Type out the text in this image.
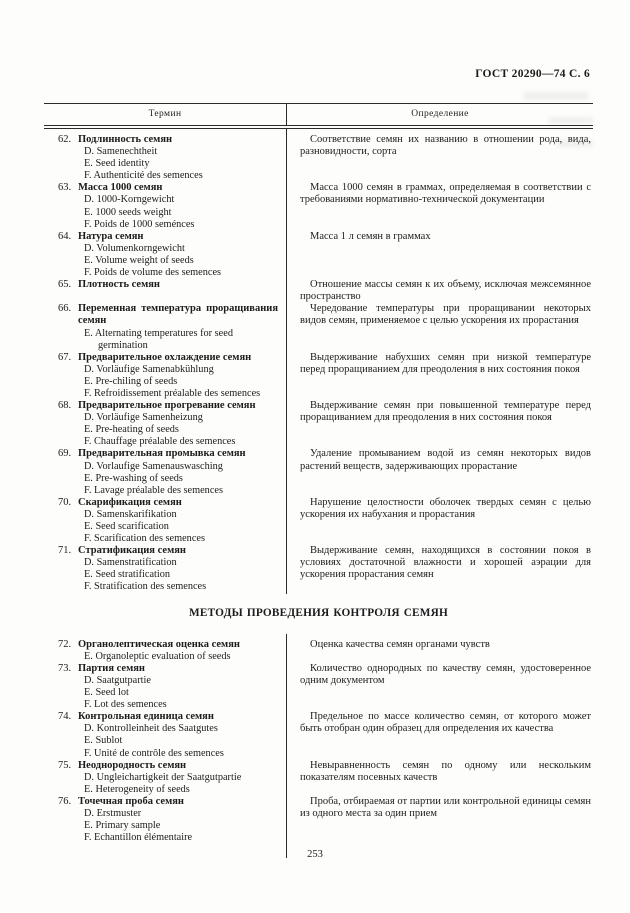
ГОСТ 20290—74 С. 6
Термин	Определение
62. Подлинность семян
D. Samenechtheit
E. Seed identity
F. Authenticité des semences
Соответствие семян их названию в отношении рода, вида, разновидности, сорта
63. Масса 1000 семян
D. 1000-Korngewicht
E. 1000 seeds weight
F. Poids de 1000 seménces
Масса 1000 семян в граммах, определяемая в соответствии с требованиями нормативно-технической документации
64. Натура семян
D. Volumenkorngewicht
E. Volume weight of seeds
F. Poids de volume des semences
Масса 1 л семян в граммах
65. Плотность семян	Отношение массы семян к их объему, исключая межсемянное пространство
66. Переменная температура проращивания семян
E. Alternating temperatures for seed germination
Чередование температуры при проращивании некоторых видов семян, применяемое с целью ускорения их прорастания
67. Предварительное охлаждение семян
D. Vorläufige Samenabkühlung
E. Pre-chiling of seeds
F. Refroidissement préalable des semences
Выдерживание набухших семян при низкой температуре перед проращиванием для преодоления в них состояния покоя
68. Предварительное прогревание семян
D. Vorläufige Samenheizung
E. Pre-heating of seeds
F. Chauffage préalable des semences
Выдерживание семян при повышенной температуре перед проращиванием для преодоления в них состояния покоя
69. Предварительная промывка семян
D. Vorlaufige Samenauswasching
E. Pre-washing of seeds
F. Lavage préalable des semences
Удаление промыванием водой из семян некоторых видов растений веществ, задерживающих прорастание
70. Скарификация семян
D. Samenskarifikation
E. Seed scarification
F. Scarification des semences
Нарушение целостности оболочек твердых семян с целью ускорения их набухания и прорастания
71. Стратификация семян
D. Samenstratification
E. Seed stratification
F. Stratification des semences
Выдерживание семян, находящихся в состоянии покоя в условиях достаточной влажности и хорошей аэрации для ускорения прорастания семян
МЕТОДЫ ПРОВЕДЕНИЯ КОНТРОЛЯ СЕМЯН
72. Органолептическая оценка семян
E. Organoleptic evaluation of seeds
Оценка качества семян органами чувств
73. Партия семян
D. Saatgutpartie
E. Seed lot
F. Lot des semences
Количество однородных по качеству семян, удостоверенное одним документом
74. Контрольная единица семян
D. Kontrolleinheit des Saatgutes
E. Sublot
F. Unité de contrôle des semences
Предельное по массе количество семян, от которого может быть отобран один образец для определения их качества
75. Неоднородность семян
D. Ungleichartigkeit der Saatgutpartie
E. Heterogeneity of seeds
Невыравненность семян по одному или нескольким показателям посевных качеств
76. Точечная проба семян
D. Erstmuster
E. Primary sample
F. Echantillon élémentaire
Проба, отбираемая от партии или контрольной единицы семян из одного места за один прием
253
